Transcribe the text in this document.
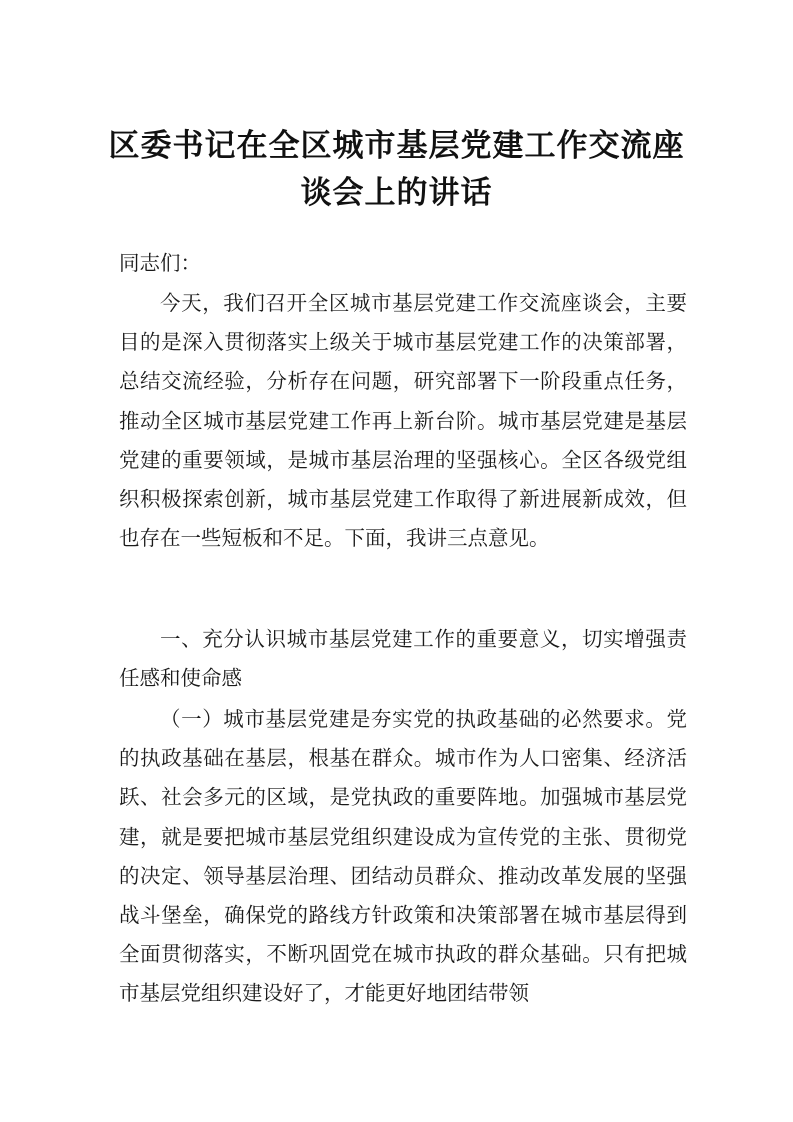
区委书记在全区城市基层党建工作交流座
谈会上的讲话
同志们：
今天，我们召开全区城市基层党建工作交流座谈会，主要目的是深入贯彻落实上级关于城市基层党建工作的决策部署，总结交流经验，分析存在问题，研究部署下一阶段重点任务，推动全区城市基层党建工作再上新台阶。城市基层党建是基层党建的重要领域，是城市基层治理的坚强核心。全区各级党组织积极探索创新，城市基层党建工作取得了新进展新成效，但也存在一些短板和不足。下面，我讲三点意见。
一、充分认识城市基层党建工作的重要意义，切实增强责任感和使命感
（一）城市基层党建是夯实党的执政基础的必然要求。党的执政基础在基层，根基在群众。城市作为人口密集、经济活跃、社会多元的区域，是党执政的重要阵地。加强城市基层党建，就是要把城市基层党组织建设成为宣传党的主张、贯彻党的决定、领导基层治理、团结动员群众、推动改革发展的坚强战斗堡垒，确保党的路线方针政策和决策部署在城市基层得到全面贯彻落实，不断巩固党在城市执政的群众基础。只有把城市基层党组织建设好了，才能更好地团结带领
